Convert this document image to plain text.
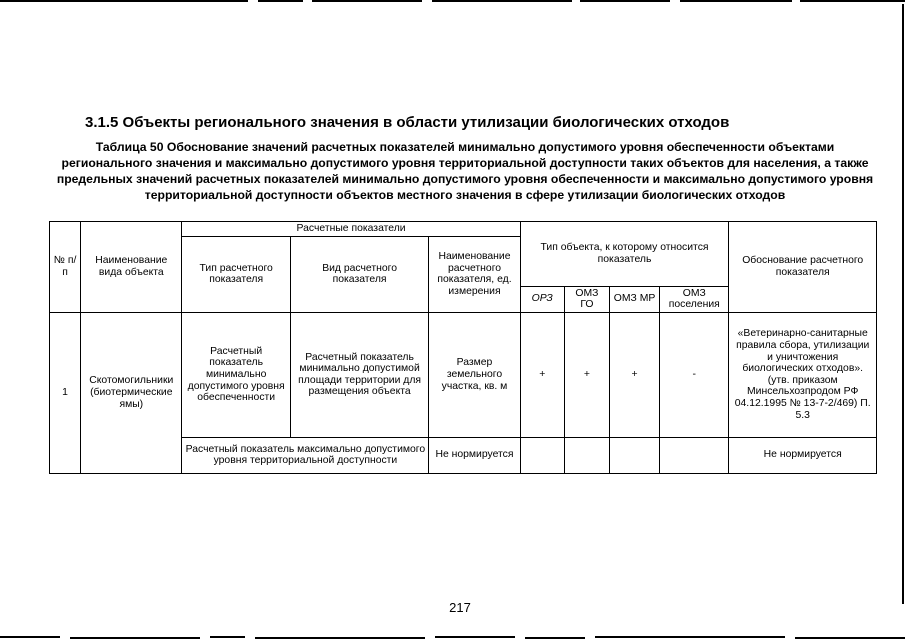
3.1.5 Объекты регионального значения в области утилизации биологических отходов

Таблица 50 Обоснование значений расчетных показателей минимально допустимого уровня обеспеченности объектами регионального значения и максимально допустимого уровня территориальной доступности таких объектов для населения, а также предельных значений расчетных показателей минимально допустимого уровня обеспеченности и максимально допустимого уровня территориальной доступности объектов местного значения в сфере утилизации биологических отходов

№ п/п	Наименование вида объекта	Расчетные показатели			Тип объекта, к которому относится показатель				Обоснование расчетного показателя
		Тип расчетного показателя	Вид расчетного показателя	Наименование расчетного показателя, ед. измерения					
					ОРЗ	ОМЗ ГО	ОМЗ МР	ОМЗ поселения	
1	Скотомогильники (биотермические ямы)	Расчетный показатель минимально допустимого уровня обеспеченности	Расчетный показатель минимально допустимой площади территории для размещения объекта	Размер земельного участка, кв. м	+	+	+	-	«Ветеринарно-санитарные правила сбора, утилизации и уничтожения биологических отходов». (утв. приказом Минсельхозпродом РФ 04.12.1995 № 13-7-2/469) П. 5.3
		Расчетный показатель максимально допустимого уровня территориальной доступности		Не нормируется					Не нормируется
217
